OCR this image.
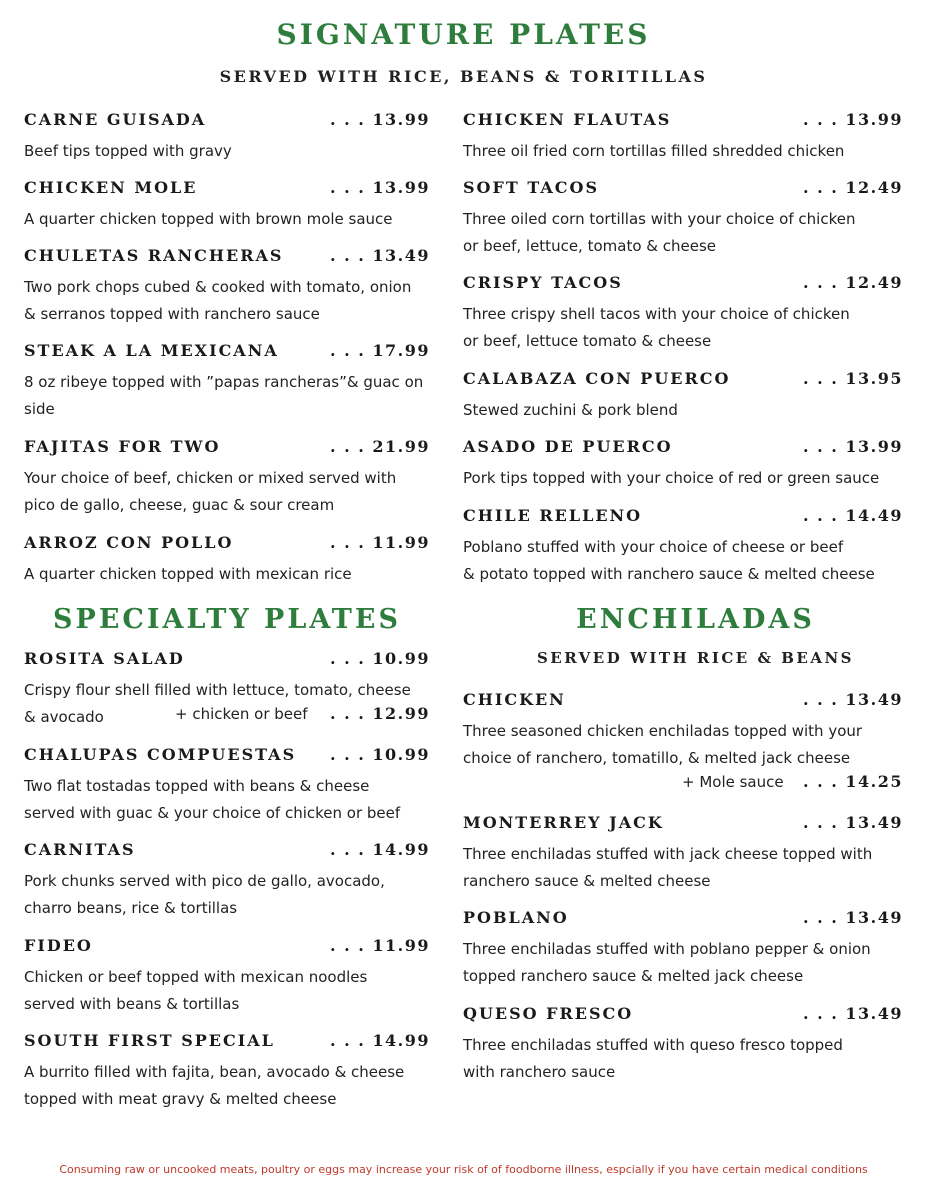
SIGNATURE PLATES
SERVED WITH RICE, BEANS & TORITILLAS
CARNE GUISADA	. . . 13.99
Beef tips topped with gravy
CHICKEN MOLE	. . . 13.99
A quarter chicken topped with brown mole sauce
CHULETAS RANCHERAS	. . . 13.49
Two pork chops cubed & cooked with tomato, onion
& serranos topped with ranchero sauce
STEAK A LA MEXICANA	. . . 17.99
8 oz ribeye topped with ”papas rancheras”& guac on
side
FAJITAS FOR TWO	. . . 21.99
Your choice of beef, chicken or mixed served with
pico de gallo, cheese, guac & sour cream
ARROZ CON POLLO	. . . 11.99
A quarter chicken topped with mexican rice
CHICKEN FLAUTAS	. . . 13.99
Three oil fried corn tortillas filled shredded chicken
SOFT TACOS	. . . 12.49
Three oiled corn tortillas with your choice of chicken
or beef, lettuce, tomato & cheese
CRISPY TACOS	. . . 12.49
Three crispy shell tacos with your choice of chicken
or beef, lettuce tomato & cheese
CALABAZA CON PUERCO	. . . 13.95
Stewed zuchini & pork blend
ASADO DE PUERCO	. . . 13.99
Pork tips topped with your choice of red or green sauce
CHILE RELLENO	. . . 14.49
Poblano stuffed with your choice of cheese or beef
& potato topped with ranchero sauce & melted cheese
SPECIALTY PLATES
ROSITA SALAD	. . . 10.99
Crispy flour shell filled with lettuce, tomato, cheese
& avocado	+ chicken or beef . . . 12.99
CHALUPAS COMPUESTAS . . . 10.99
Two flat tostadas topped with beans & cheese
served with guac & your choice of chicken or beef
CARNITAS	. . . 14.99
Pork chunks served with pico de gallo, avocado,
charro beans, rice & tortillas
FIDEO	. . . 11.99
Chicken or beef topped with mexican noodles
served with beans & tortillas
SOUTH FIRST SPECIAL	. . . 14.99
A burrito filled with fajita, bean, avocado & cheese
topped with meat gravy & melted cheese
ENCHILADAS
SERVED WITH RICE & BEANS
CHICKEN	. . . 13.49
Three seasoned chicken enchiladas topped with your
choice of ranchero, tomatillo, & melted jack cheese
+ Mole sauce . . . 14.25
MONTERREY JACK	. . . 13.49
Three enchiladas stuffed with jack cheese topped with
ranchero sauce & melted cheese
POBLANO	. . . 13.49
Three enchiladas stuffed with poblano pepper & onion
topped ranchero sauce & melted jack cheese
QUESO FRESCO	. . . 13.49
Three enchiladas stuffed with queso fresco topped
with ranchero sauce
Consuming raw or uncooked meats, poultry or eggs may increase your risk of of foodborne illness, espcially if you have certain medical conditions
